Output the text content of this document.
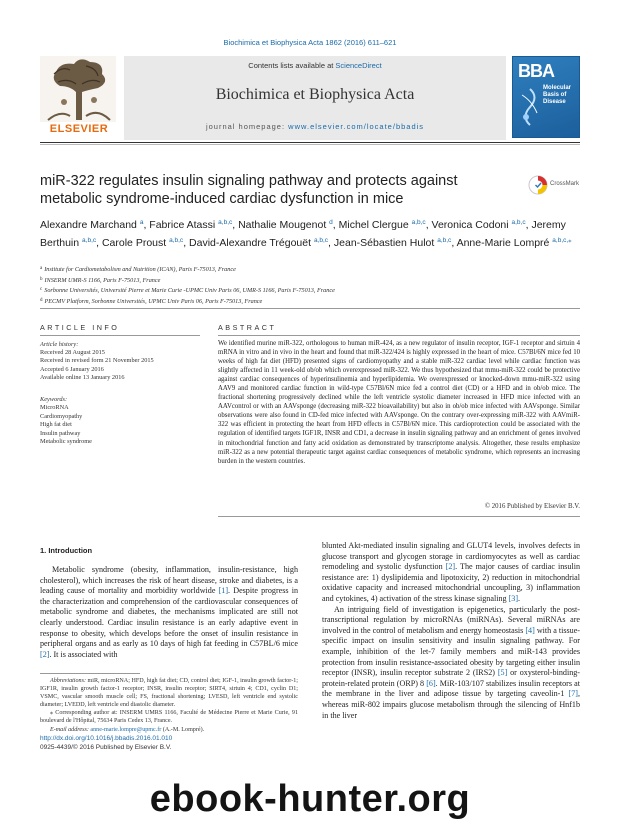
Biochimica et Biophysica Acta 1862 (2016) 611–621
ELSEVIER
Contents lists available at ScienceDirect
Biochimica et Biophysica Acta
journal homepage: www.elsevier.com/locate/bbadis
BBA
Molecular
Basis of
Disease
miR-322 regulates insulin signaling pathway and protects against
metabolic syndrome-induced cardiac dysfunction in mice
CrossMark
Alexandre Marchand $^a$, Fabrice Atassi $^{a,b,c}$, Nathalie Mougenot $^d$, Michel Clergue $^{a,b,c}$, Veronica Codoni $^{a,b,c}$, Jeremy Berthuin $^{a,b,c}$, Carole Proust $^{a,b,c}$, David-Alexandre Trégouët $^{a,b,c}$, Jean-Sébastien Hulot $^{a,b,c}$, Anne-Marie Lompré $^{a,b,c,⁎}$
$^a$ Institute for Cardiometabolism and Nutrition (ICAN), Paris F-75013, France
$^b$ INSERM UMR-S 1166, Paris F-75013, France
$^c$ Sorbonne Universités, Université Pierre et Marie Curie -UPMC Univ Paris 06, UMR-S 1166, Paris F-75013, France
$^d$ PECMV Platform, Sorbonne Universités, UPMC Univ Paris 06, Paris F-75013, France
ARTICLE INFO
Article history:
Received 28 August 2015
Received in revised form 21 November 2015
Accepted 6 January 2016
Available online 13 January 2016
Keywords:
MicroRNA
Cardiomyopathy
High fat diet
Insulin pathway
Metabolic syndrome
ABSTRACT
We identified murine miR-322, orthologous to human miR-424, as a new regulator of insulin receptor, IGF-1 receptor and sirtuin 4 mRNA in vitro and in vivo in the heart and found that miR-322/424 is highly expressed in the heart of mice. C57Bl/6N mice fed 10 weeks of high fat diet (HFD) presented signs of cardiomyopathy and a stable miR-322 cardiac level while cardiac function was slightly affected in 11 week-old ob/ob which overexpressed miR-322. We thus hypothesized that mmu-miR-322 could be protective against cardiac consequences of hyperinsulinemia and hyperlipidemia. We overexpressed or knocked-down mmu-miR-322 using AAV9 and monitored cardiac function in wild-type C57Bl/6N mice fed a control diet (CD) or a HFD and in ob/ob mice. The fractional shortening progressively declined while the left ventricle systolic diameter increased in HFD mice infected with an AAVcontrol or with an AAVsponge (decreasing miR-322 bioavailability) but also in ob/ob mice infected with AAVsponge. Similar observations were also found in CD-fed mice infected with AAVsponge. On the contrary over-expressing miR-322 with AAVmiR-322 was efficient in protecting the heart from HFD effects in C57Bl/6N mice. This cardioprotection could be associated with the regulation of identified targets IGF1R, INSR and CD1, a decrease in insulin signaling pathway and an enrichment of genes involved in mitochondrial function and fatty acid oxidation as demonstrated by transcriptome analysis. Altogether, these results emphasize miR-322 as a new potential therapeutic target against cardiac consequences of metabolic syndrome, which represents an increasing burden in the western countries.
© 2016 Published by Elsevier B.V.
1. Introduction
Metabolic syndrome (obesity, inflammation, insulin-resistance, high cholesterol), which increases the risk of heart disease, stroke and diabetes, is a leading cause of mortality and morbidity worldwide [1]. Despite progress in the characterization and comprehension of the cardiovascular consequences of metabolic syndrome and diabetes, the mechanisms implicated are still not clearly understood. Cardiac insulin resistance is an early adaptive event in response to obesity, which develops before the onset of insulin resistance in peripheral organs and as early as 10 days of high fat feeding in C57BL/6 mice [2]. It is associated with

blunted Akt-mediated insulin signaling and GLUT4 levels, involves defects in glucose transport and glycogen storage in cardiomyocytes as well as cardiac remodeling and systolic dysfunction [2]. The major causes of cardiac insulin resistance are: 1) dyslipidemia and lipotoxicity, 2) reduction in mitochondrial oxidative capacity and increased mitochondrial uncoupling, 3) inflammation and cytokines, 4) activation of the stress kinase signaling [3].

An intriguing field of investigation is epigenetics, particularly the post-transcriptional regulation by microRNAs (miRNAs). Several miRNAs are involved in the control of metabolism and energy homeostasis [4] with a tissue-specific impact on insulin sensitivity and insulin signaling pathway. For example, inhibition of the let-7 family members and miR-143 provides protection from insulin resistance-associated obesity by targeting either insulin receptor (INSR), insulin receptor substrate 2 (IRS2) [5] or oxysterol-binding-protein-related protein (ORP) 8 [6]. MiR-103/107 stabilizes insulin receptors at the membrane in the liver and adipose tissue by targeting caveolin-1 [7], whereas miR-802 impairs glucose metabolism through the silencing of Hnf1b in the liver

Abbreviations: miR, microRNA; HFD, high fat diet; CD, control diet; IGF-1, insulin growth factor-1; IGF1R, insulin growth factor-1 receptor; INSR, insulin receptor; SIRT4, sirtuin 4; CD1, cyclin D1; VSMC, vascular smooth muscle cell; FS, fractional shortening; LVESD, left ventricle end systolic diameter; LVEDD, left ventricle end diastolic diameter.

⁎ Corresponding author at: INSERM UMRS 1166, Faculté de Médecine Pierre et Marie Curie, 91 boulevard de l'Hôpital, 75634 Paris Cedex 13, France.

E-mail address: anne-marie.lompre@upmc.fr (A.-M. Lompré).

http://dx.doi.org/10.1016/j.bbadis.2016.01.010
0925-4439/© 2016 Published by Elsevier B.V.
ebook-hunter.org
